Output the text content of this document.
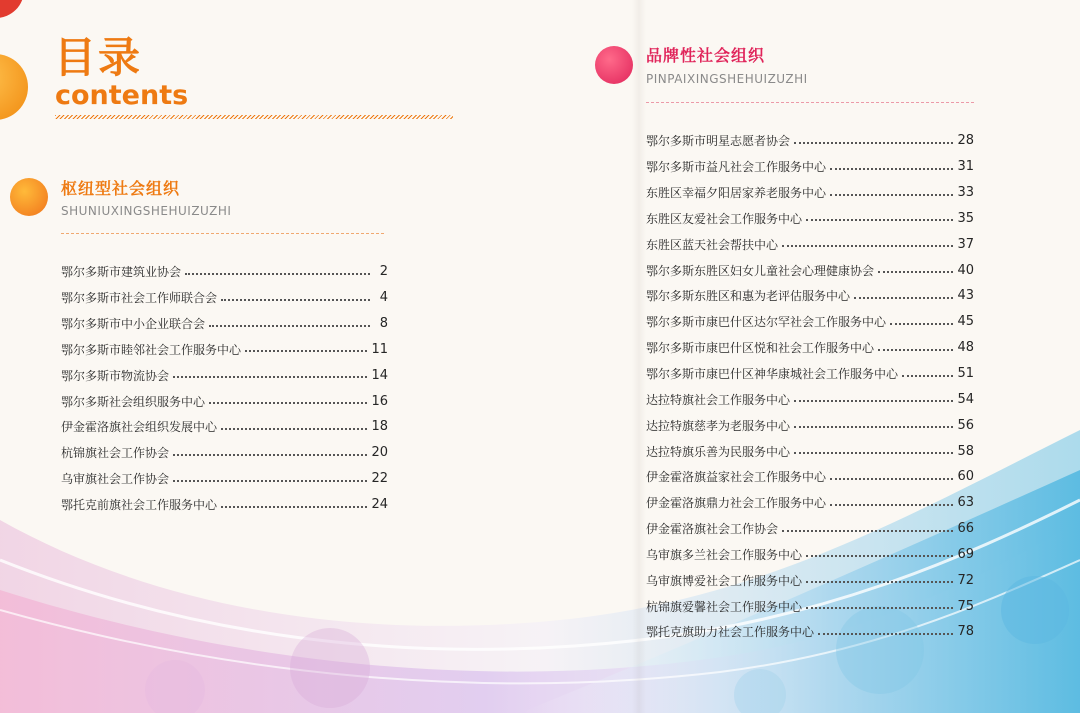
目录
contents
枢纽型社会组织
SHUNIUXINGSHEHUIZUZHI
鄂尔多斯市建筑业协会	2
鄂尔多斯市社会工作师联合会	4
鄂尔多斯市中小企业联合会	8
鄂尔多斯市睦邻社会工作服务中心	11
鄂尔多斯市物流协会	14
鄂尔多斯社会组织服务中心	16
伊金霍洛旗社会组织发展中心	18
杭锦旗社会工作协会	20
乌审旗社会工作协会	22
鄂托克前旗社会工作服务中心	24
品牌性社会组织
PINPAIXINGSHEHUIZUZHI
鄂尔多斯市明星志愿者协会	28
鄂尔多斯市益凡社会工作服务中心	31
东胜区幸福夕阳居家养老服务中心	33
东胜区友爱社会工作服务中心	35
东胜区蓝天社会帮扶中心	37
鄂尔多斯东胜区妇女儿童社会心理健康协会	40
鄂尔多斯东胜区和惠为老评估服务中心	43
鄂尔多斯市康巴什区达尔罕社会工作服务中心	45
鄂尔多斯市康巴什区悦和社会工作服务中心	48
鄂尔多斯市康巴什区神华康城社会工作服务中心	51
达拉特旗社会工作服务中心	54
达拉特旗慈孝为老服务中心	56
达拉特旗乐善为民服务中心	58
伊金霍洛旗益家社会工作服务中心	60
伊金霍洛旗鼎力社会工作服务中心	63
伊金霍洛旗社会工作协会	66
乌审旗多兰社会工作服务中心	69
乌审旗博爱社会工作服务中心	72
杭锦旗爱馨社会工作服务中心	75
鄂托克旗助力社会工作服务中心	78
